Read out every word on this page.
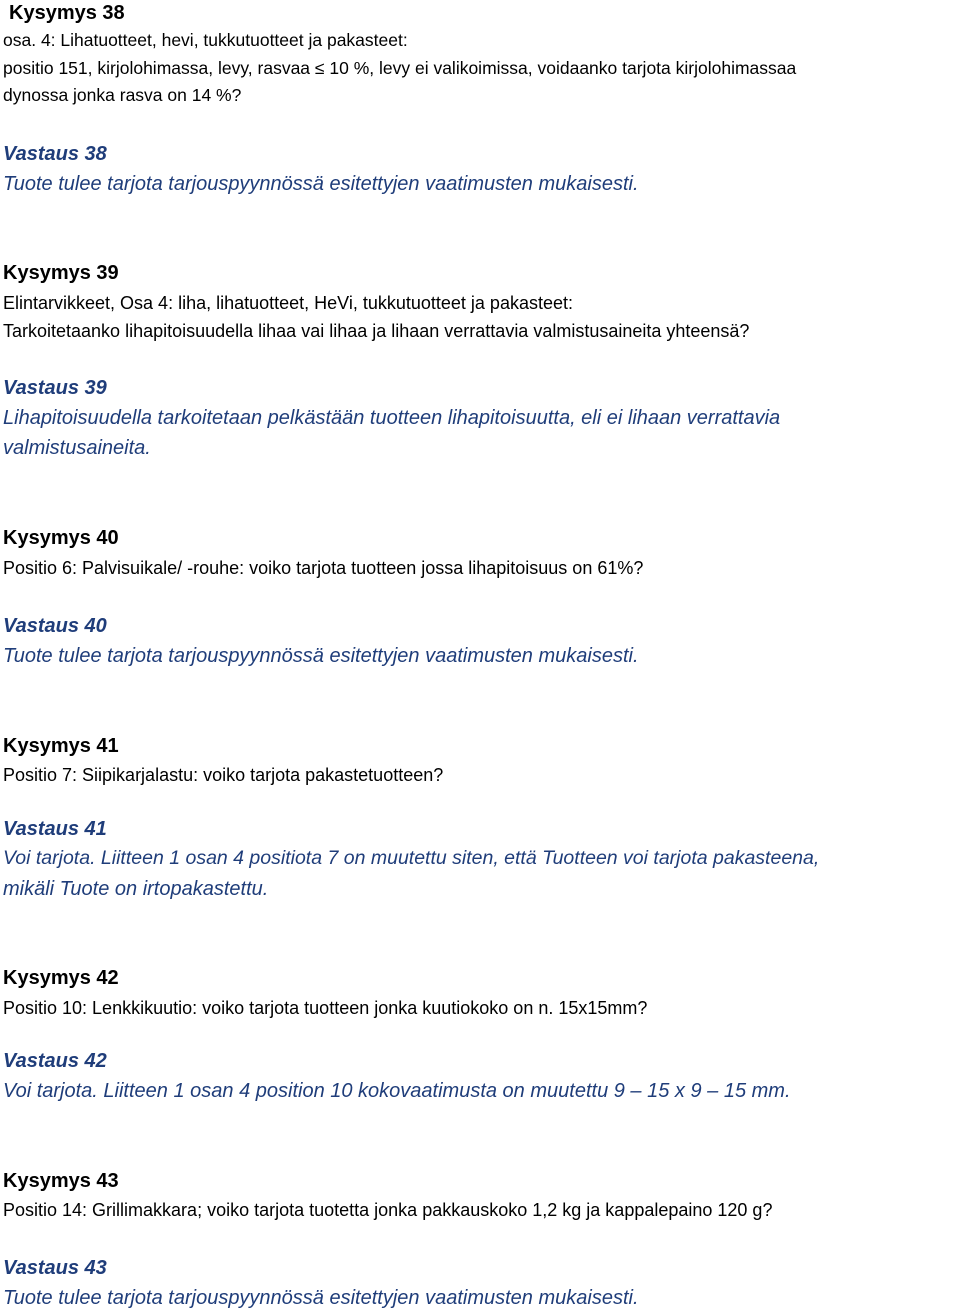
Kysymys 38
osa. 4: Lihatuotteet, hevi, tukkutuotteet ja pakasteet:
positio 151, kirjolohimassa, levy, rasvaa ≤ 10 %, levy ei valikoimissa, voidaanko tarjota kirjolohimassaa
dynossa jonka rasva on 14 %?
Vastaus 38
Tuote tulee tarjota tarjouspyynnössä esitettyjen vaatimusten mukaisesti.
Kysymys 39
Elintarvikkeet, Osa 4: liha, lihatuotteet, HeVi, tukkutuotteet ja pakasteet:
Tarkoitetaanko lihapitoisuudella lihaa vai lihaa ja lihaan verrattavia valmistusaineita yhteensä?
Vastaus 39
Lihapitoisuudella tarkoitetaan pelkästään tuotteen lihapitoisuutta, eli ei lihaan verrattavia
valmistusaineita.
Kysymys 40
Positio 6: Palvisuikale/ -rouhe: voiko tarjota tuotteen jossa lihapitoisuus on 61%?
Vastaus 40
Tuote tulee tarjota tarjouspyynnössä esitettyjen vaatimusten mukaisesti.
Kysymys 41
Positio 7: Siipikarjalastu: voiko tarjota pakastetuotteen?
Vastaus 41
Voi tarjota. Liitteen 1 osan 4 positiota 7 on muutettu siten, että Tuotteen voi tarjota pakasteena,
mikäli Tuote on irtopakastettu.
Kysymys 42
Positio 10: Lenkkikuutio: voiko tarjota tuotteen jonka kuutiokoko on n. 15x15mm?
Vastaus 42
Voi tarjota. Liitteen 1 osan 4 position 10 kokovaatimusta on muutettu 9 – 15 x 9 – 15 mm.
Kysymys 43
Positio 14: Grillimakkara; voiko tarjota tuotetta jonka pakkauskoko 1,2 kg ja kappalepaino 120 g?
Vastaus 43
Tuote tulee tarjota tarjouspyynnössä esitettyjen vaatimusten mukaisesti.
